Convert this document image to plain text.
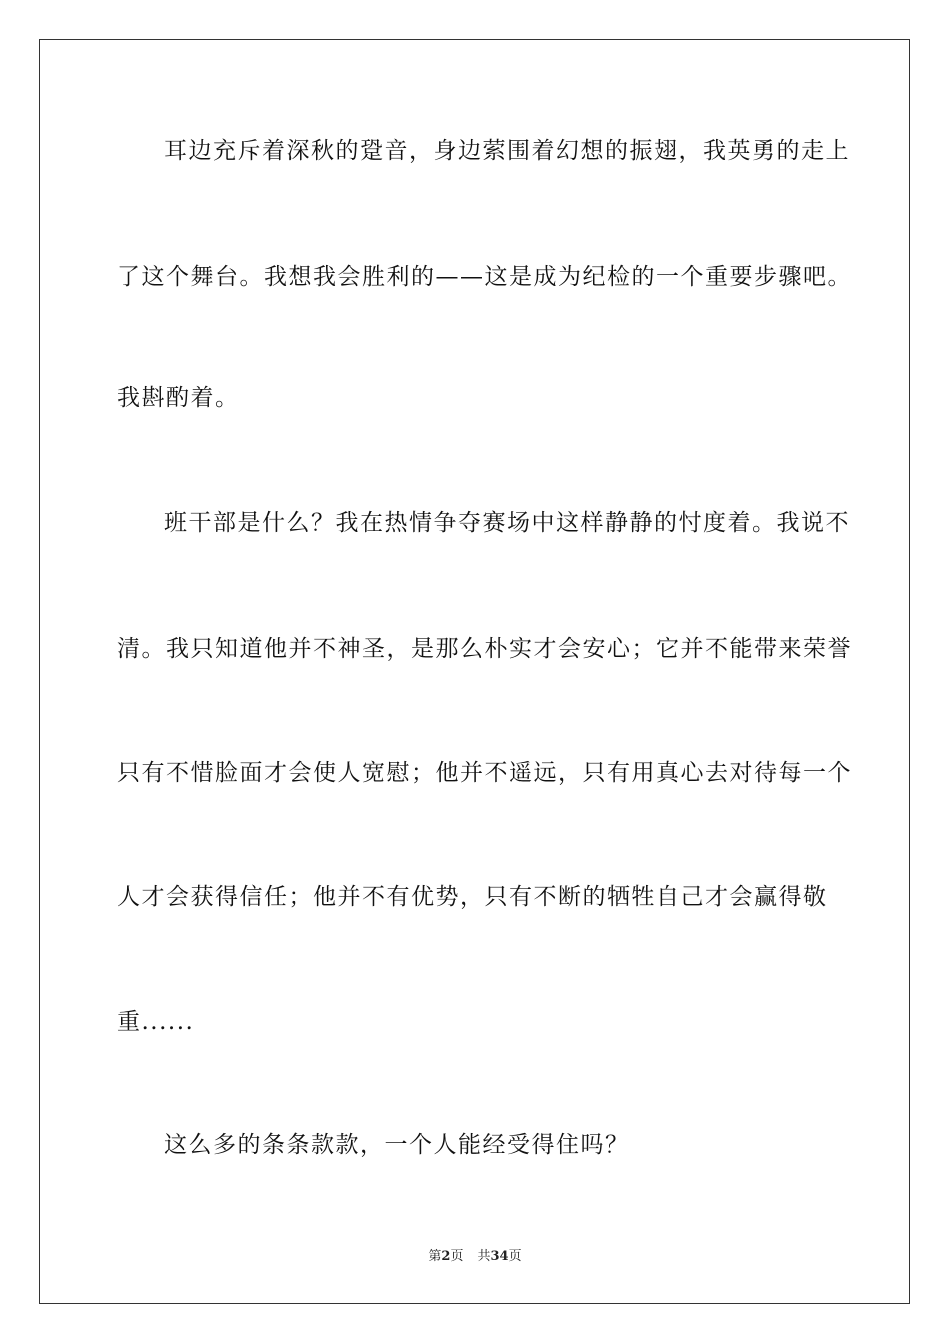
耳边充斥着深秋的跫音，身边萦围着幻想的振翅，我英勇的走上
了这个舞台。我想我会胜利的——这是成为纪检的一个重要步骤吧。
我斟酌着。
班干部是什么？我在热情争夺赛场中这样静静的忖度着。我说不
清。我只知道他并不神圣，是那么朴实才会安心；它并不能带来荣誉
只有不惜脸面才会使人宽慰；他并不遥远，只有用真心去对待每一个
人才会获得信任；他并不有优势，只有不断的牺牲自己才会赢得敬
重......
这么多的条条款款，一个人能经受得住吗？
第2页 共34页
